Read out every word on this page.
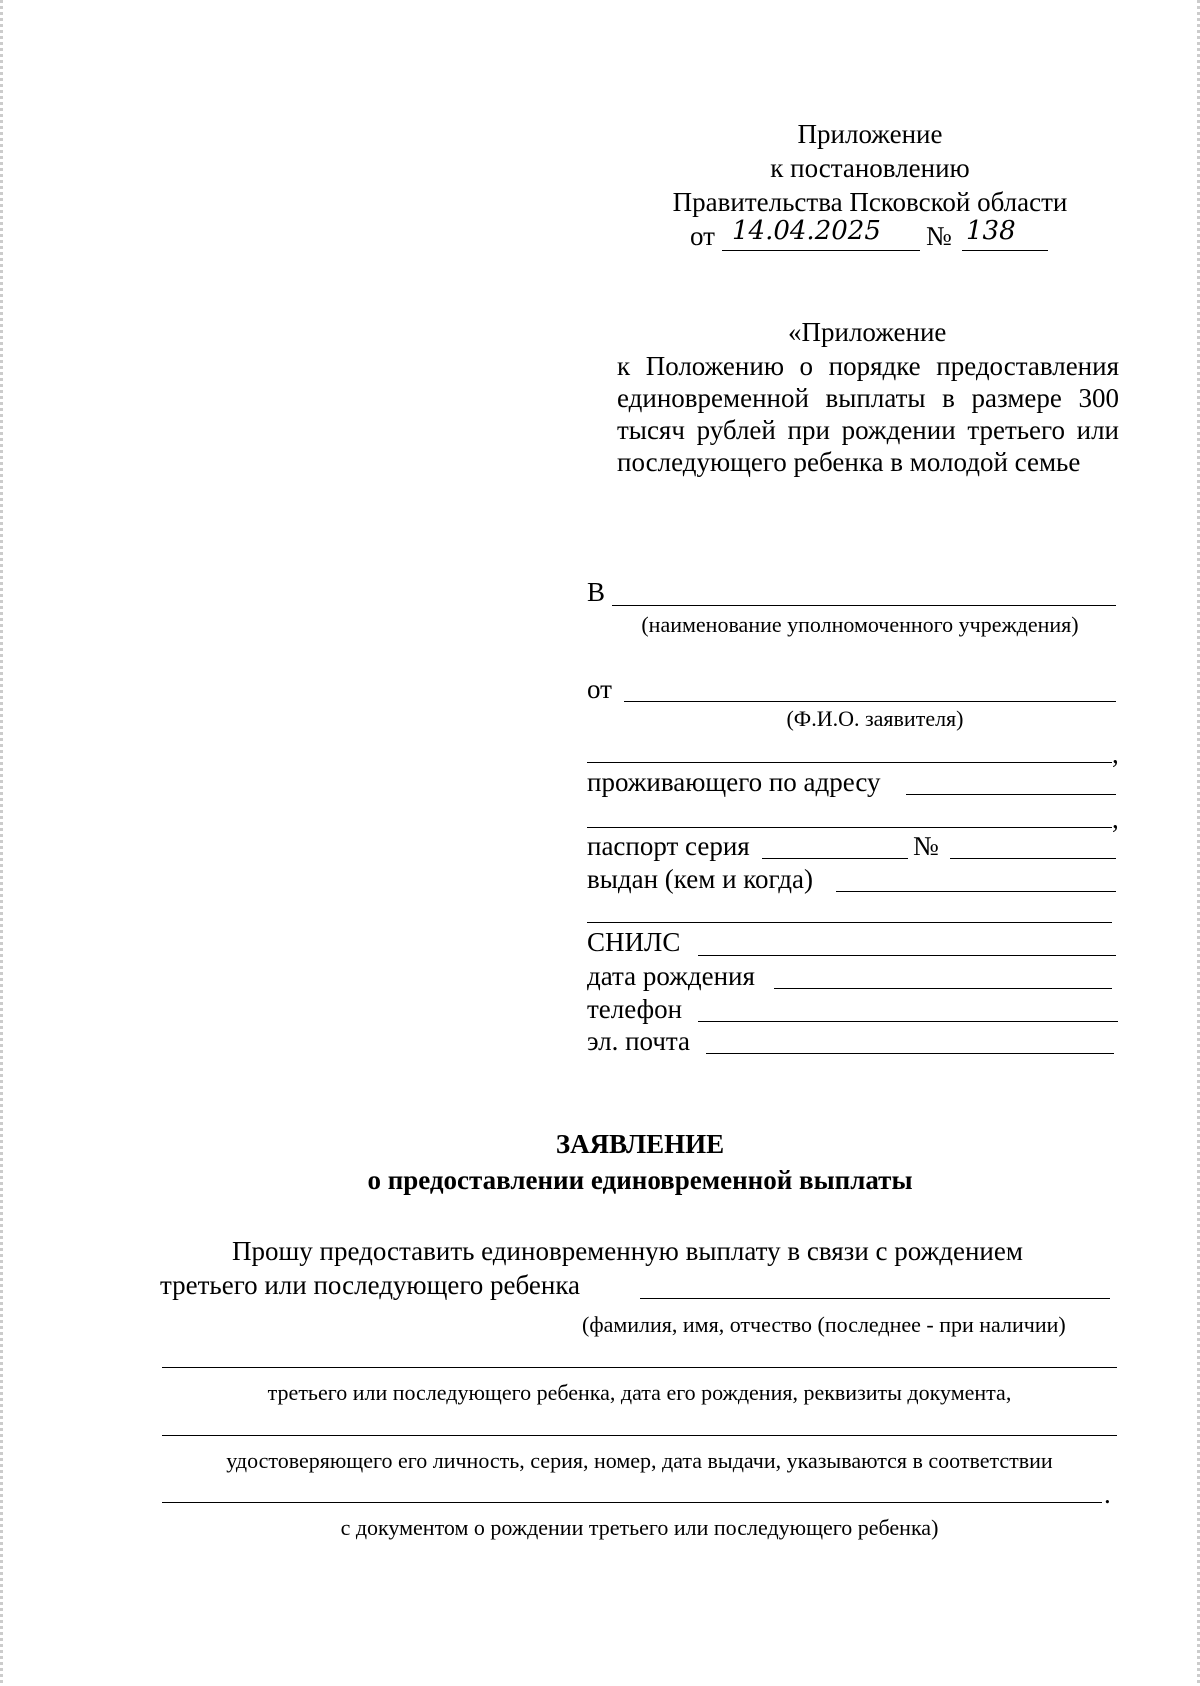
Приложение
к постановлению
Правительства Псковской области
от 14.04.2025 № 138
«Приложение
к Положению о порядке предоставления единовременной выплаты в размере 300 тысяч рублей при рождении третьего или последующего ребенка в молодой семье
В
(наименование уполномоченного учреждения)
от
(Ф.И.О. заявителя)
,
проживающего по адресу
,
паспорт серия	№
выдан (кем и когда)
СНИЛС
дата рождения
телефон
эл. почта
ЗАЯВЛЕНИЕ
о предоставлении единовременной выплаты
Прошу предоставить единовременную выплату в связи с рождением
третьего или последующего ребенка
(фамилия, имя, отчество (последнее - при наличии)
третьего или последующего ребенка, дата его рождения, реквизиты документа,
удостоверяющего его личность, серия, номер, дата выдачи, указываются в соответствии
.
с документом о рождении третьего или последующего ребенка)
